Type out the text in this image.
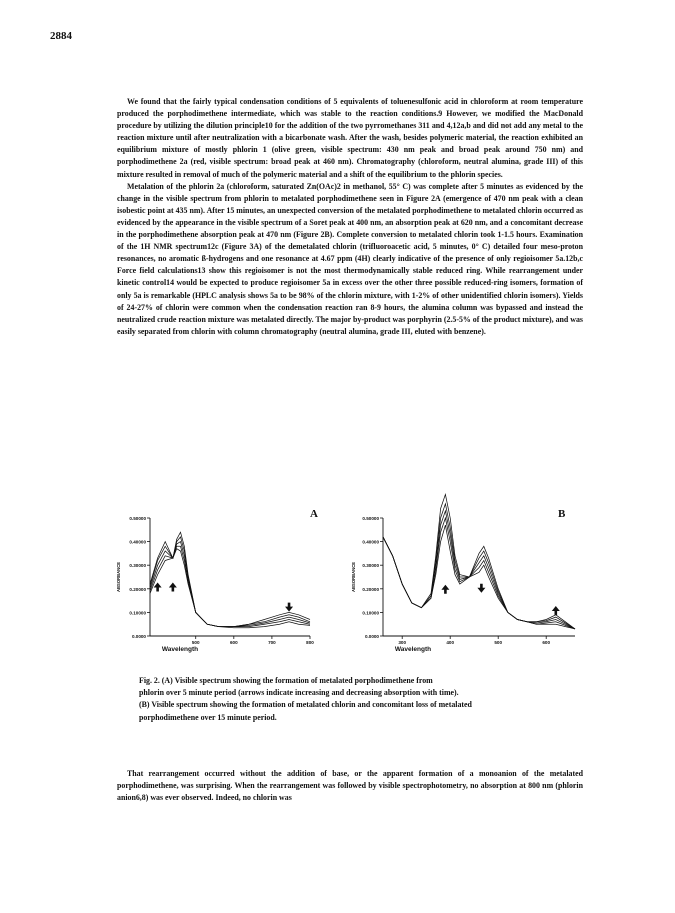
2884

We found that the fairly typical condensation conditions of 5 equivalents of toluenesulfonic acid in chloroform at room temperature produced the porphodimethene intermediate, which was stable to the reaction conditions.9 However, we modified the MacDonald procedure by utilizing the dilution principle10 for the addition of the two pyrromethanes 311 and 4,12a,b and did not add any metal to the reaction mixture until after neutralization with a bicarbonate wash. After the wash, besides polymeric material, the reaction exhibited an equilibrium mixture of mostly phlorin 1 (olive green, visible spectrum: 430 nm peak and broad peak around 750 nm) and porphodimethene 2a (red, visible spectrum: broad peak at 460 nm). Chromatography (chloroform, neutral alumina, grade III) of this mixture resulted in removal of much of the polymeric material and a shift of the equilibrium to the phlorin species.

Metalation of the phlorin 2a (chloroform, saturated Zn(OAc)2 in methanol, 55° C) was complete after 5 minutes as evidenced by the change in the visible spectrum from phlorin to metalated porphodimethene seen in Figure 2A (emergence of 470 nm peak with a clean isobestic point at 435 nm). After 15 minutes, an unexpected conversion of the metalated porphodimethene to metalated chlorin occurred as evidenced by the appearance in the visible spectrum of a Soret peak at 400 nm, an absorption peak at 620 nm, and a concomitant decrease in the porphodimethene absorption peak at 470 nm (Figure 2B). Complete conversion to metalated chlorin took 1-1.5 hours. Examination of the 1H NMR spectrum12c (Figure 3A) of the demetalated chlorin (trifluoroacetic acid, 5 minutes, 0° C) detailed four meso-proton resonances, no aromatic ß-hydrogens and one resonance at 4.67 ppm (4H) clearly indicative of the presence of only regioisomer 5a.12b,c Force field calculations13 show this regioisomer is not the most thermodynamically stable reduced ring. While rearrangement under kinetic control14 would be expected to produce regioisomer 5a in excess over the other three possible reduced-ring isomers, formation of only 5a is remarkable (HPLC analysis shows 5a to be 98% of the chlorin mixture, with 1-2% of other unidentified chlorin isomers). Yields of 24-27% of chlorin were common when the condensation reaction ran 8-9 hours, the alumina column was bypassed and instead the neutralized crude reaction mixture was metalated directly. The major by-product was porphyrin (2.5-5% of the product mixture), and was easily separated from chlorin with column chromatography (neutral alumina, grade III, eluted with benzene).

A
0.50000
0.40000
0.30000
0.20000
0.10000
0.0000
500	600	700	800
Wavelength
ABSORBANCE
B
0.50000
0.40000
0.30000
0.20000
0.10000
0.0000
300	400	500	600
Wavelength
ABSORBANCE
Fig. 2. (A) Visible spectrum showing the formation of metalated porphodimethene from
phlorin over 5 minute period (arrows indicate increasing and decreasing absorption with time).
(B) Visible spectrum showing the formation of metalated chlorin and concomitant loss of metalated
porphodimethene over 15 minute period.

That rearrangement occurred without the addition of base, or the apparent formation of a monoanion of the metalated porphodimethene, was surprising. When the rearrangement was followed by visible spectrophotometry, no absorption at 800 nm (phlorin anion6,8) was ever observed. Indeed, no chlorin was
